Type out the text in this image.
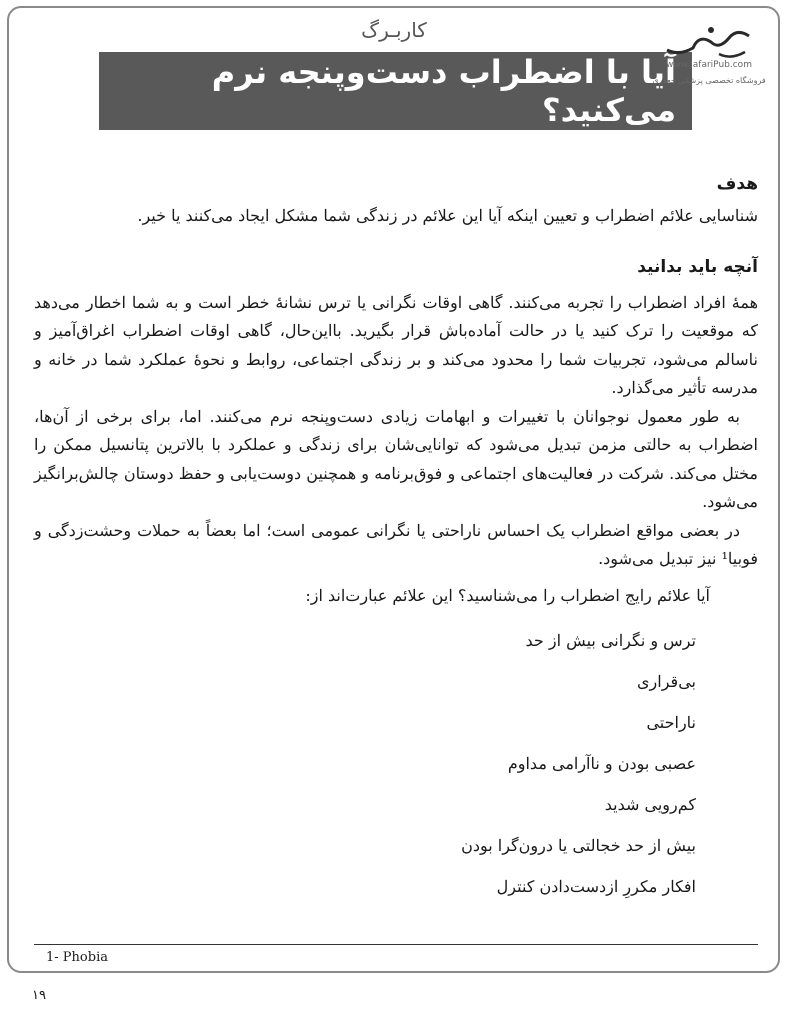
کاربـرگ
آیا با اضطراب دست‌وپنجه نرم می‌کنید؟
www.JafariPub.com
فروشگاه تخصصی پزشکی جعفری
هدف

شناسایی علائم اضطراب و تعیین اینکه آیا این علائم در زندگی شما مشکل ایجاد می‌کنند یا خیر.

آنچه باید بدانید

همهٔ افراد اضطراب را تجربه می‌کنند. گاهی اوقات نگرانی یا ترس نشانهٔ خطر است و به شما اخطار می‌دهد که موقعیت را ترک کنید یا در حالت آماده‌باش قرار بگیرید. بااین‌حال، گاهی اوقات اضطراب اغراق‌آمیز و ناسالم می‌شود، تجربیات شما را محدود می‌کند و بر زندگی اجتماعی، روابط و نحوهٔ عملکرد شما در خانه و مدرسه تأثیر می‌گذارد.

به طور معمول نوجوانان با تغییرات و ابهامات زیادی دست‌وپنجه نرم می‌کنند. اما، برای برخی از آن‌ها، اضطراب به حالتی مزمن تبدیل می‌شود که توانایی‌شان برای زندگی و عملکرد با بالاترین پتانسیل ممکن را مختل می‌کند. شرکت در فعالیت‌های اجتماعی و فوق‌برنامه و همچنین دوست‌یابی و حفظ دوستان چالش‌برانگیز می‌شود.

در بعضی مواقع اضطراب یک احساس ناراحتی یا نگرانی عمومی است؛ اما بعضاً به حملات وحشت‌زدگی و فوبیا¹ نیز تبدیل می‌شود.

آیا علائم رایج اضطراب را می‌شناسید؟ این علائم عبارت‌اند از:

ترس و نگرانی بیش از حد
بی‌قراری
ناراحتی
عصبی بودن و ناآرامی مداوم
کم‌رویی شدید
بیش از حد خجالتی یا درون‌گرا بودن
افکار مکررِ ازدست‌دادن کنترل
1- Phobia
۱۹
